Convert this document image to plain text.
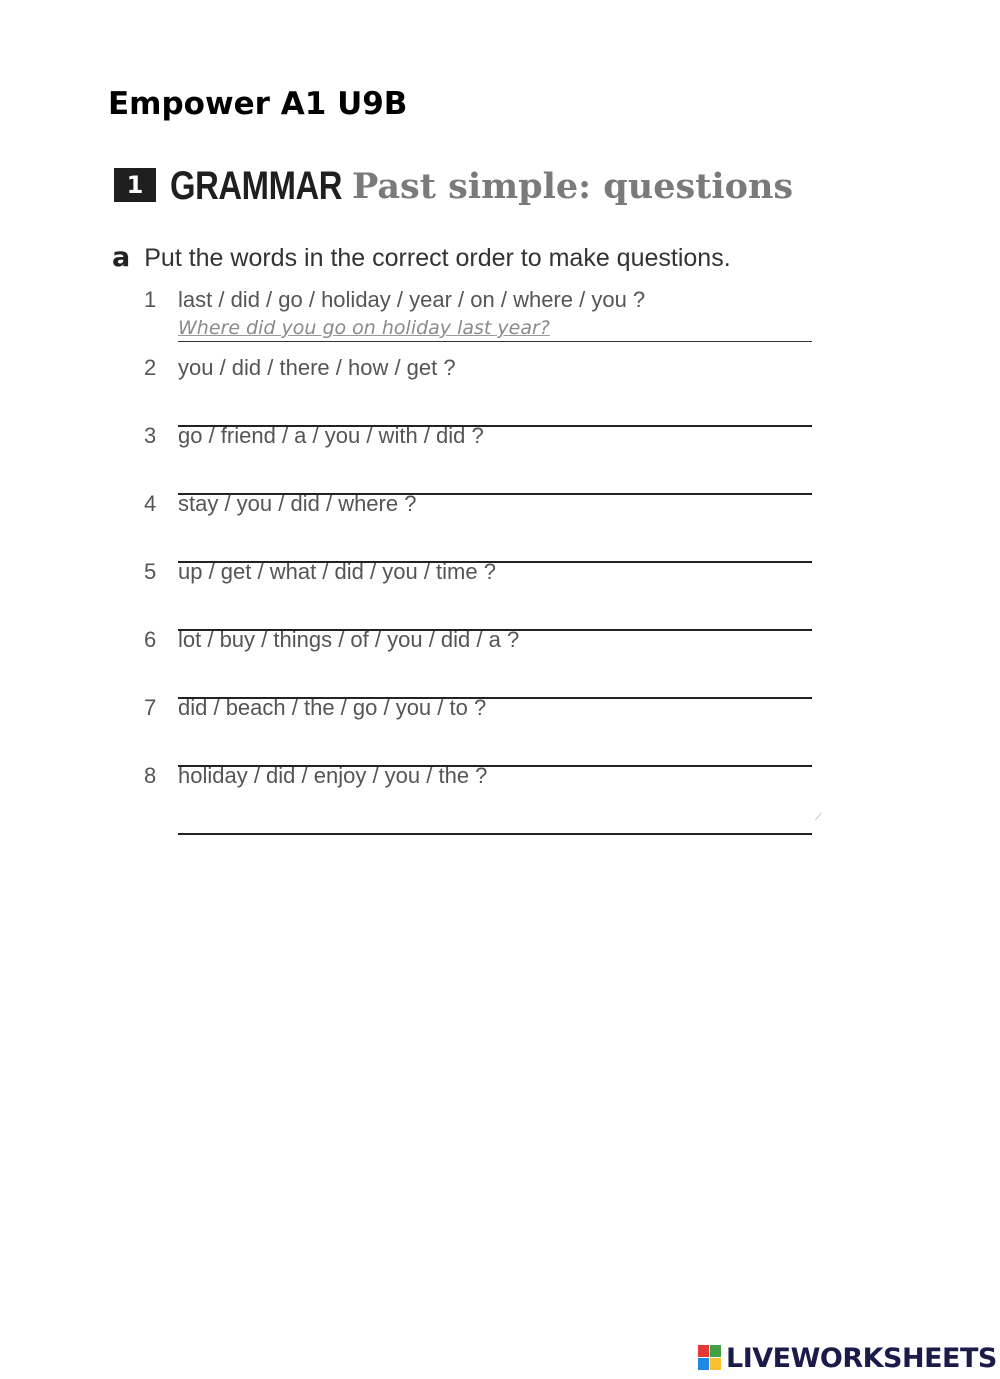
Empower A1 U9B
1 GRAMMAR Past simple: questions
a Put the words in the correct order to make questions.
1 last / did / go / holiday / year / on / where / you ?
Where did you go on holiday last year?
2 you / did / there / how / get ?
3 go / friend / a / you / with / did ?
4 stay / you / did / where ?
5 up / get / what / did / you / time ?
6 lot / buy / things / of / you / did / a ?
7 did / beach / the / go / you / to ?
8 holiday / did / enjoy / you / the ?
⟋
LIVEWORKSHEETS
